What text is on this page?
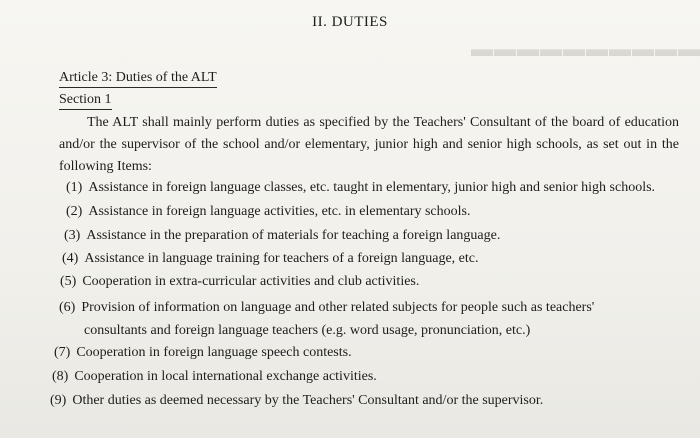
▬▬▬▬▬▬▬▬▬▬
II. DUTIES
Article 3: Duties of the ALT
Section 1
The ALT shall mainly perform duties as specified by the Teachers' Consultant of the board of education and/or the supervisor of the school and/or elementary, junior high and senior high schools, as set out in the following Items:
(1) Assistance in foreign language classes, etc. taught in elementary, junior high and senior high schools.
(2) Assistance in foreign language activities, etc. in elementary schools.
(3) Assistance in the preparation of materials for teaching a foreign language.
(4) Assistance in language training for teachers of a foreign language, etc.
(5) Cooperation in extra-curricular activities and club activities.
(6) Provision of information on language and other related subjects for people such as teachers'
consultants and foreign language teachers (e.g. word usage, pronunciation, etc.)
(7) Cooperation in foreign language speech contests.
(8) Cooperation in local international exchange activities.
(9) Other duties as deemed necessary by the Teachers' Consultant and/or the supervisor.
